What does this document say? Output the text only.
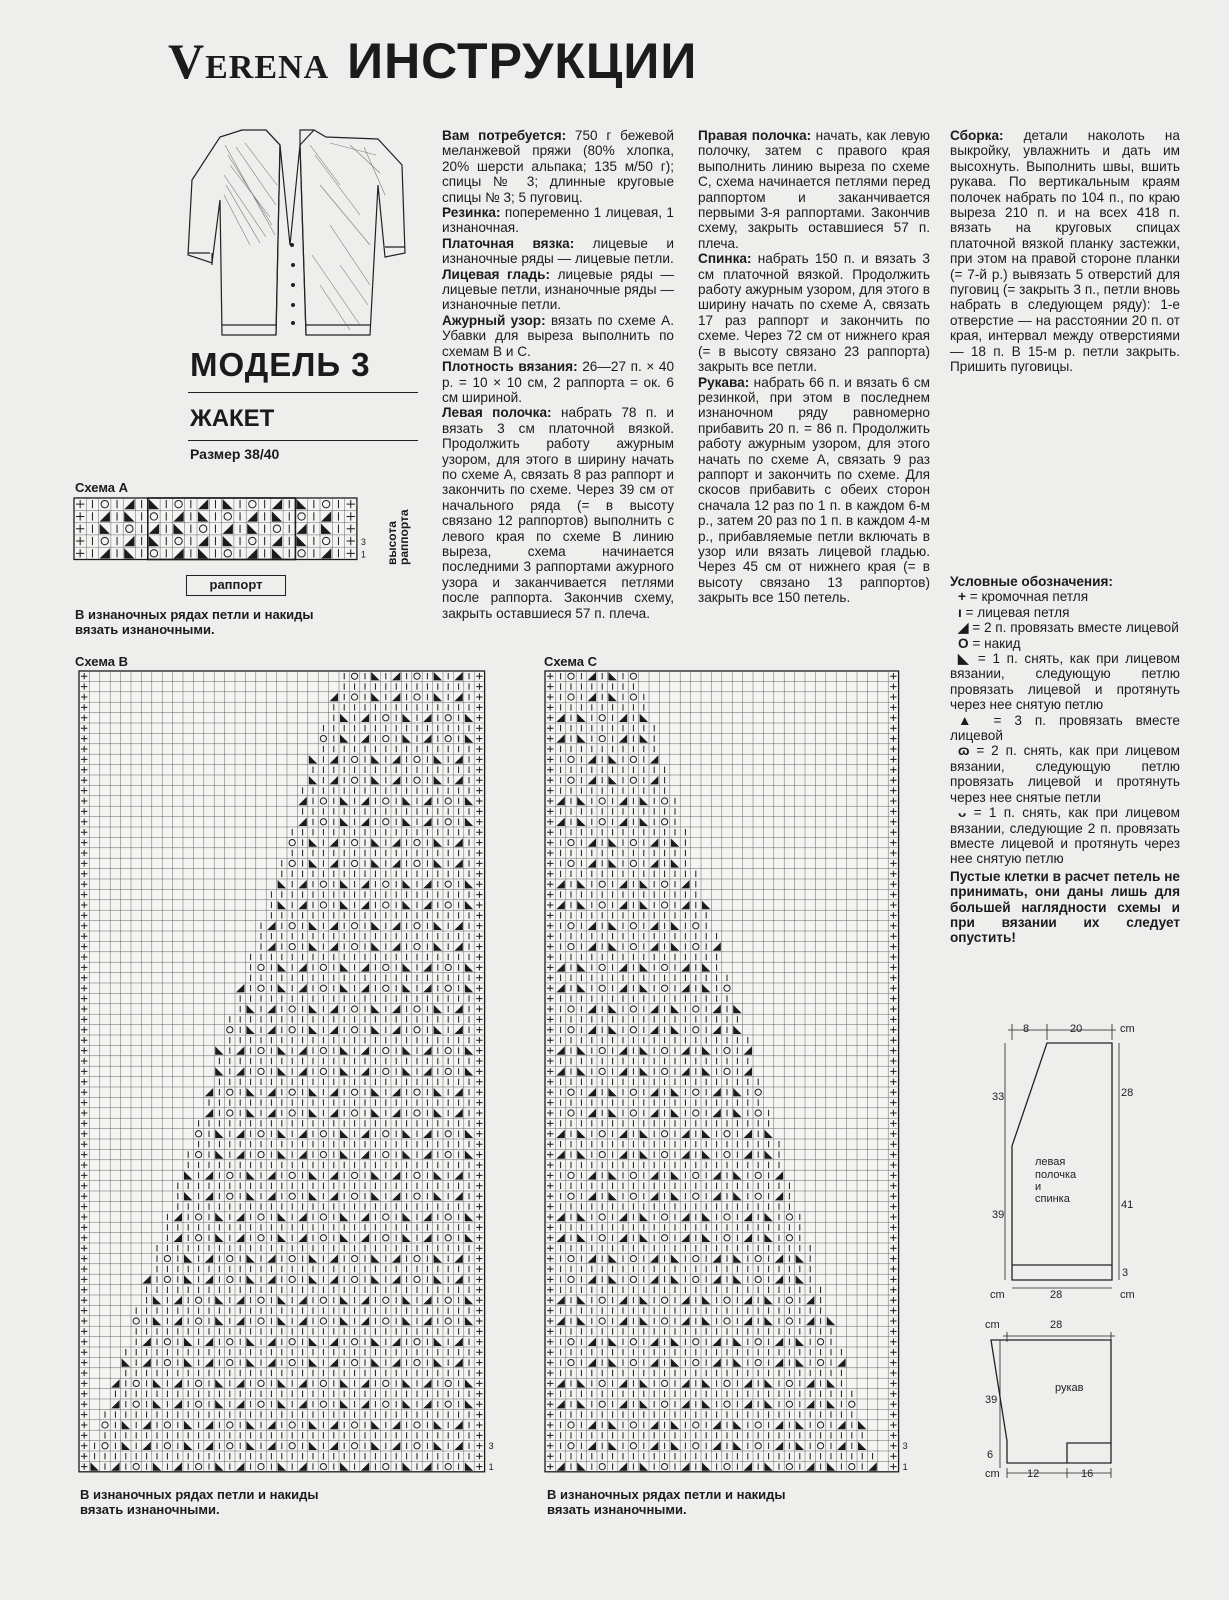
VERENA ИНСТРУКЦИИ
МОДЕЛЬ 3
ЖАКЕТ
Размер 38/40
Схема А
3
1
раппорт
высота раппорта
В изнаночных рядах петли и накиды вязать изнаночными.

Вам потребуется: 750 г бежевой меланжевой пряжи (80% хлопка, 20% шерсти альпака; 135 м/50 г); спицы № 3; длинные круговые спицы № 3; 5 пуговиц.

Резинка: попеременно 1 лицевая, 1 изнаночная.

Платочная вязка: лицевые и изнаночные ряды — лицевые петли.

Лицевая гладь: лицевые ряды — лицевые петли, изнаночные ряды — изнаночные петли.

Ажурный узор: вязать по схеме А. Убавки для выреза выполнить по схемам В и С.

Плотность вязания: 26—27 п. × 40 р. = 10 × 10 см, 2 раппорта = ок. 6 см шириной.

Левая полочка: набрать 78 п. и вязать 3 см платочной вязкой. Продолжить работу ажурным узором, для этого в ширину начать по схеме А, связать 8 раз раппорт и закончить по схеме. Через 39 см от начального ряда (= в высоту связано 12 раппортов) выполнить с левого края по схеме В линию выреза, схема начинается последними 3 раппортами ажурного узора и заканчивается петлями после раппорта. Закончив схему, закрыть оставшиеся 57 п. плеча.

Правая полочка: начать, как левую полочку, затем с правого края выполнить линию выреза по схеме С, схема начинается петлями перед раппортом и заканчивается первыми 3-я раппортами. Закончив схему, закрыть оставшиеся 57 п. плеча.

Спинка: набрать 150 п. и вязать 3 см платочной вязкой. Продолжить работу ажурным узором, для этого в ширину начать по схеме А, связать 17 раз раппорт и закончить по схеме. Через 72 см от нижнего края (= в высоту связано 23 раппорта) закрыть все петли.

Рукава: набрать 66 п. и вязать 6 см резинкой, при этом в последнем изнаночном ряду равномерно прибавить 20 п. = 86 п. Продолжить работу ажурным узором, для этого начать по схеме А, связать 9 раз раппорт и закончить по схеме. Для скосов прибавить с обеих сторон сначала 12 раз по 1 п. в каждом 6-м р., затем 20 раз по 1 п. в каждом 4-м р., прибавляемые петли включать в узор или вязать лицевой гладью. Через 45 см от нижнего края (= в высоту связано 13 раппортов) закрыть все 150 петель.

Сборка: детали наколоть на выкройку, увлажнить и дать им высохнуть. Выполнить швы, вшить рукава. По вертикальным краям полочек набрать по 104 п., по краю выреза 210 п. и на всех 418 п. вязать на круговых спицах платочной вязкой планку застежки, при этом на правой стороне планки (= 7-й р.) вывязать 5 отверстий для пуговиц (= закрыть 3 п., петли вновь набрать в следующем ряду): 1-е отверстие — на расстоянии 20 п. от края, интервал между отверстиями — 18 п. В 15-м р. петли закрыть. Пришить пуговицы.

Условные обозначения:

+ = кромочная петля

ı = лицевая петля

◢ = 2 п. провязать вместе лицевой

O = накид

◣ = 1 п. снять, как при лицевом вязании, следующую петлю провязать лицевой и протянуть через нее снятую петлю

▲ = 3 п. провязать вместе лицевой

ɷ = 2 п. снять, как при лицевом вязании, следующую петлю провязать лицевой и протянуть через нее снятые петли

ᴗ = 1 п. снять, как при лицевом вязании, следующие 2 п. провязать вместе лицевой и протянуть через нее снятую петлю

Пустые клетки в расчет петель не принимать, они даны лишь для большей наглядности схемы и при вязании их следует опустить!

Схема В
3
1
В изнаночных рядах петли и накиды вязать изнаночными.
Схема С
3
1
В изнаночных рядах петли и накиды вязать изнаночными.
8	20	cm
33
39
28
41
3
28
cm	cm
левая
полочка
и
спинка
cm	28
39
6
cm 12	16
рукав
